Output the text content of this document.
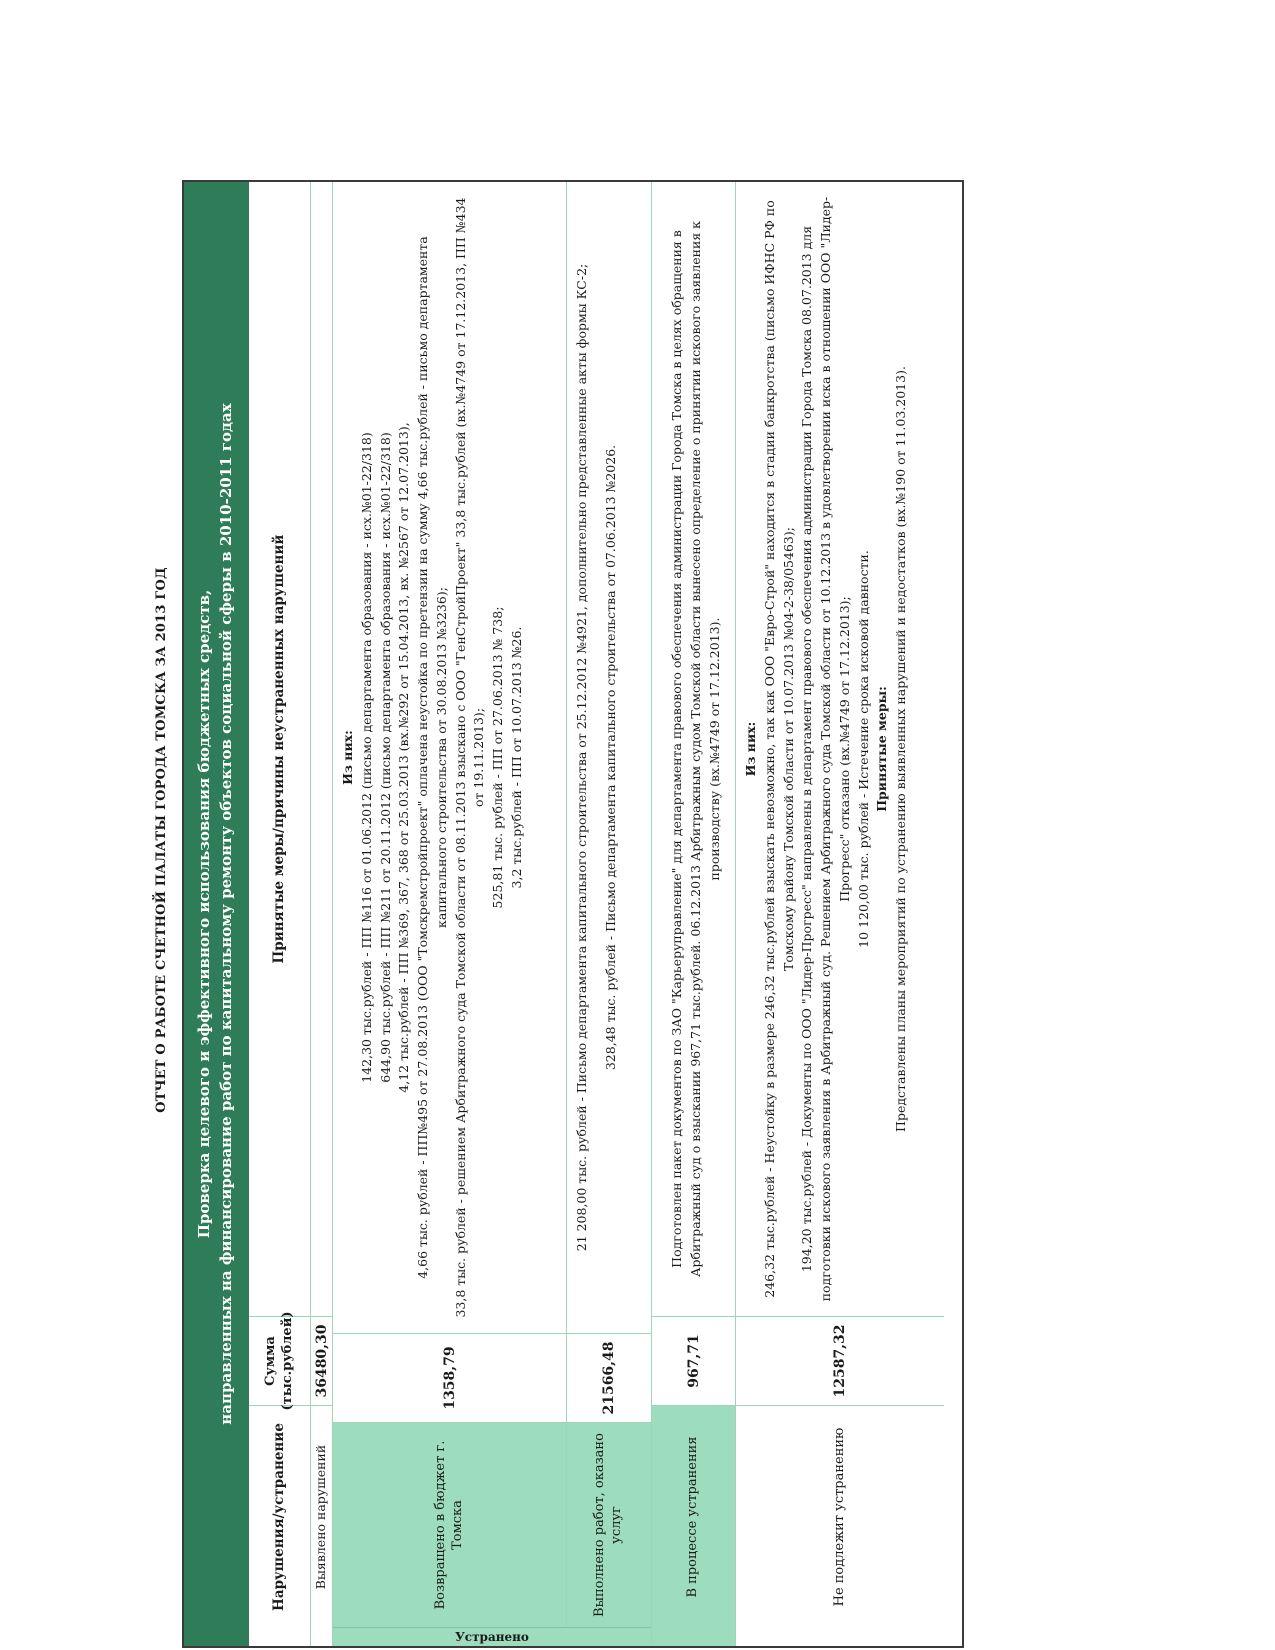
ОТЧЕТ О РАБОТЕ СЧЕТНОЙ ПАЛАТЫ ГОРОДА ТОМСКА ЗА 2013 ГОД	Проверка целевого и эффективного использования бюджетных средств, направленных на финансирование работ по капитальному ремонту объектов социальной сферы в 2010-2011 годах
Нарушения/устранение
Сумма (тыс.рублей)
Принятые меры/причины неустраненных нарушений
Выявлено нарушений
36480,30
Устранено
Возвращено в бюджет г. Томска
1358,79

Из них: 142,30 тыс.рублей - ПП №116 от 01.06.2012 (письмо департамента образования - исх.№01-22/318) 644,90 тыс.рублей - ПП №211 от 20.11.2012 (письмо департамента образования - исх.№01-22/318) 4,12 тыс.рублей - ПП №369, 367, 368 от 25.03.2013 (вх.№292 от 15.04.2013, вх. №2567 от 12.07.2013), 4,66 тыс. рублей - ПП№495 от 27.08.2013 (ООО "Томскремстройпроект" оплачена неустойка по претензии на сумму 4,66 тыс.рублей - письмо департамента капитального строительства от 30.08.2013 №3236); 33,8 тыс. рублей - решением Арбитражного суда Томской области от 08.11.2013 взыскано с ООО "ГенСтройПроект" 33,8 тыс.рублей (вх.№4749 от 17.12.2013, ПП №434 от 19.11.2013); 525,81 тыс. рублей - ПП от 27.06.2013 № 738; 3,2 тыс.рублей - ПП от 10.07.2013 №26.

Выполнено работ, оказано услуг
21566,48

21 208,00 тыс. рублей - Письмо департамента капитального строительства от 25.12.2012 №4921, дополнительно представленные акты формы КС-2; 328,48 тыс. рублей - Письмо департамента капитального строительства от 07.06.2013 №2026.

В процессе устранения
967,71
Подготовлен пакет документов по ЗАО "Карьеруправление" для департамента правового обеспечения администрации Города Томска в целях обращения в Арбитражный суд о взыскании 967,71 тыс.рублей. 06.12.2013 Арбитражным судом Томской области вынесено определение о принятии искового заявления к производству (вх.№4749 от 17.12.2013).
Не подлежит устранению
12587,32

Из них: 246,32 тыс.рублей - Неустойку в размере 246,32 тыс.рублей взыскать невозможно, так как ООО "Евро-Строй" находится в стадии банкротства (письмо ИФНС РФ по Томскому району Томской области от 10.07.2013 №04-2-38/05463); 194,20 тыс.рублей - Документы по ООО "Лидер-Прогресс" направлены в департамент правового обеспечения администрации Города Томска 08.07.2013 для подготовки искового заявления в Арбитражный суд. Решением Арбитражного суда Томской области от 10.12.2013 в удовлетворении иска в отношении ООО "Лидер-Прогресс" отказано (вх.№4749 от 17.12.2013); 10 120,00 тыс. рублей - Истечение срока исковой давности. Принятые меры: Представлены планы мероприятий по устранению выявленных нарушений и недостатков (вх.№190 от 11.03.2013).
